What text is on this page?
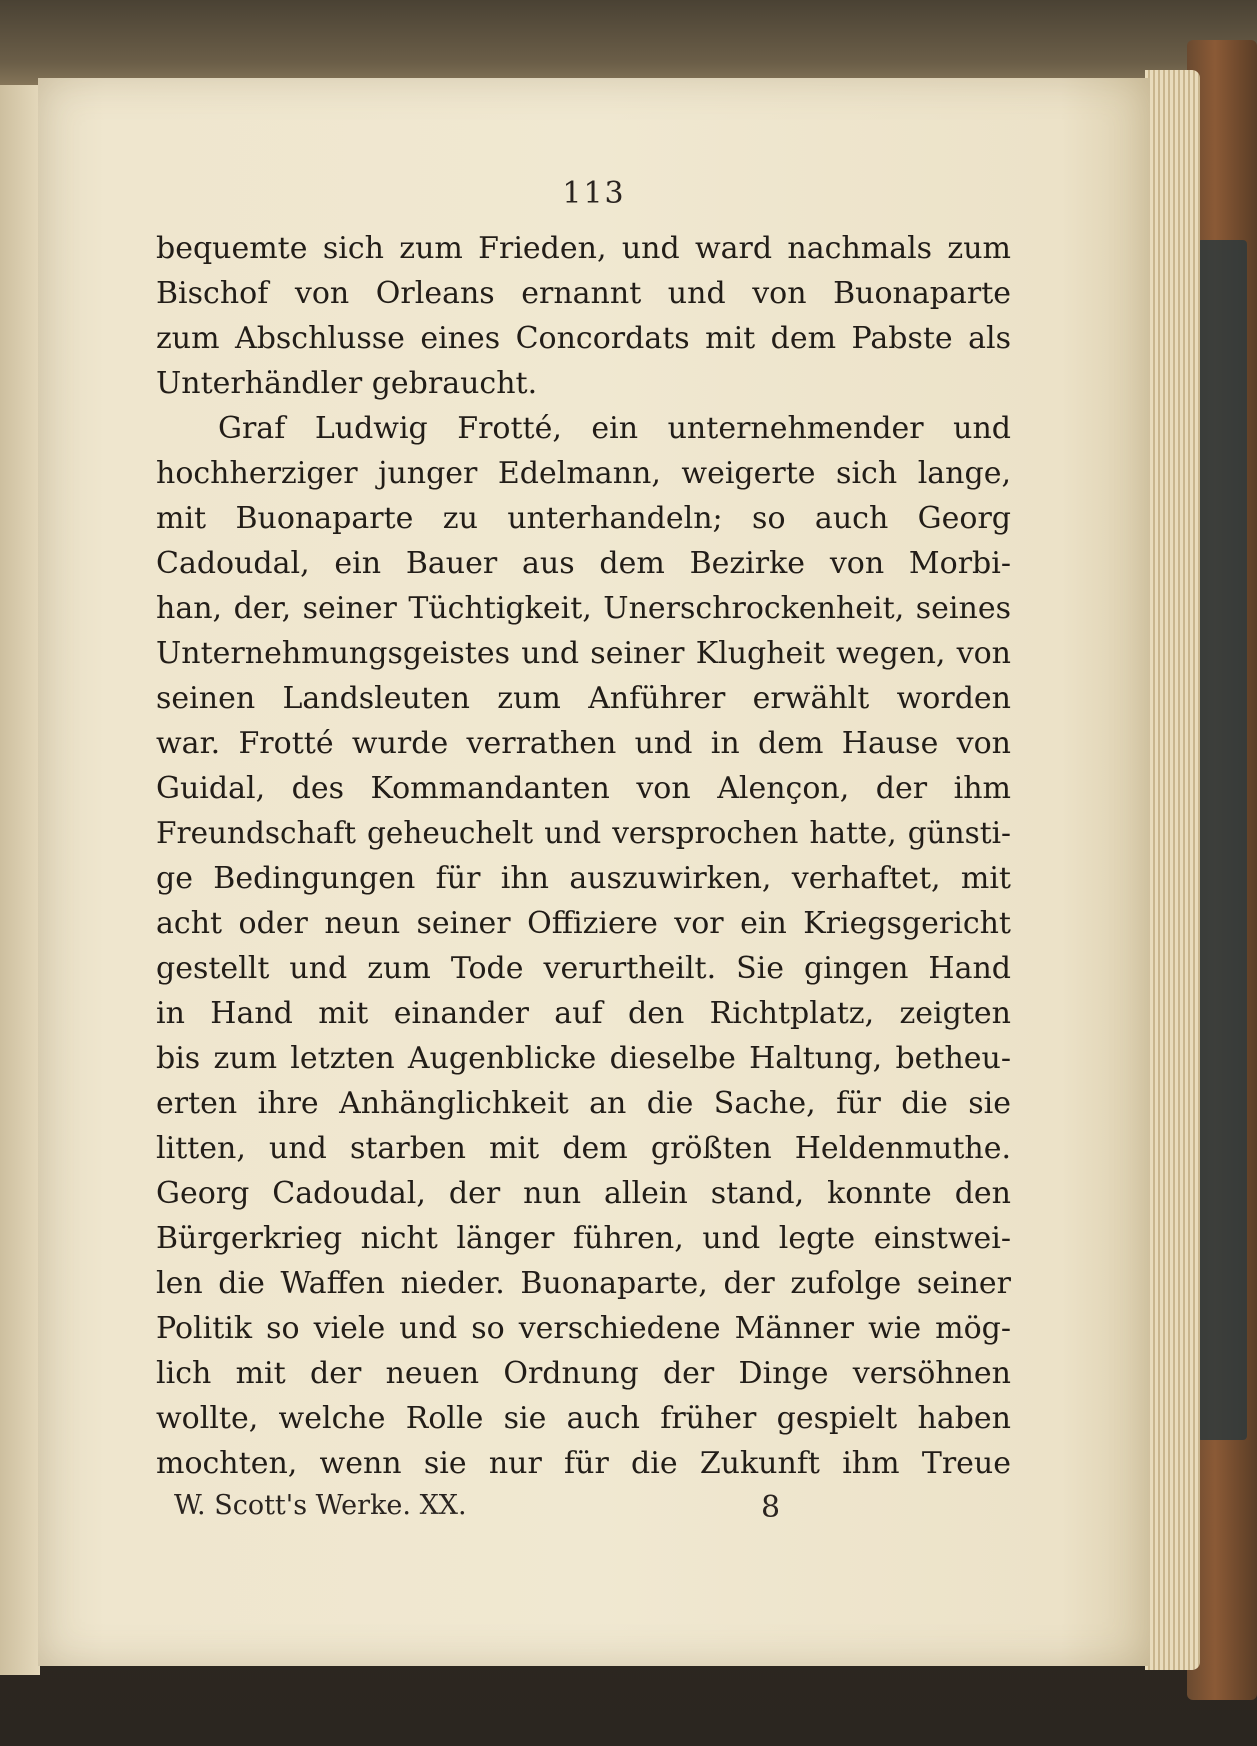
113
bequemte sich zum Frieden, und ward nachmals zum
Bischof von Orleans ernannt und von Buonaparte
zum Abschlusse eines Concordats mit dem Pabste als
Unterhändler gebraucht.
Graf Ludwig Frotté, ein unternehmender und
hochherziger junger Edelmann, weigerte sich lange,
mit Buonaparte zu unterhandeln; so auch Georg
Cadoudal, ein Bauer aus dem Bezirke von Morbi-
han, der, seiner Tüchtigkeit, Unerschrockenheit, seines
Unternehmungsgeistes und seiner Klugheit wegen, von
seinen Landsleuten zum Anführer erwählt worden
war. Frotté wurde verrathen und in dem Hause von
Guidal, des Kommandanten von Alençon, der ihm
Freundschaft geheuchelt und versprochen hatte, günsti-
ge Bedingungen für ihn auszuwirken, verhaftet, mit
acht oder neun seiner Offiziere vor ein Kriegsgericht
gestellt und zum Tode verurtheilt. Sie gingen Hand
in Hand mit einander auf den Richtplatz, zeigten
bis zum letzten Augenblicke dieselbe Haltung, betheu-
erten ihre Anhänglichkeit an die Sache, für die sie
litten, und starben mit dem größten Heldenmuthe.
Georg Cadoudal, der nun allein stand, konnte den
Bürgerkrieg nicht länger führen, und legte einstwei-
len die Waffen nieder. Buonaparte, der zufolge seiner
Politik so viele und so verschiedene Männer wie mög-
lich mit der neuen Ordnung der Dinge versöhnen
wollte, welche Rolle sie auch früher gespielt haben
mochten, wenn sie nur für die Zukunft ihm Treue
W. Scott's Werke. XX.	8
